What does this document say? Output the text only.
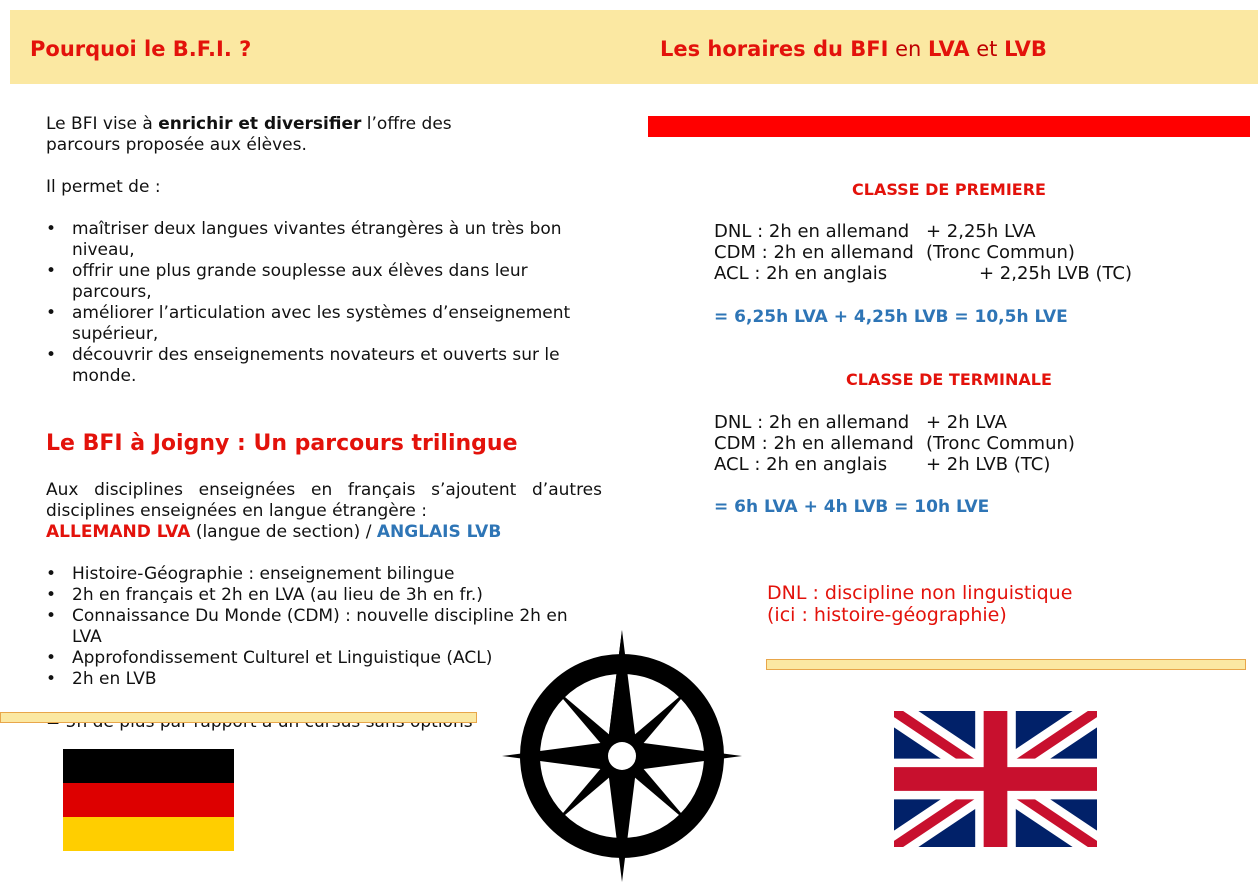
Pourquoi le B.F.I. ?	Les horaires du BFI en LVA et LVB

Le BFI vise à enrichir et diversifier l’offre des parcours proposée aux élèves.

Il permet de :
• maîtriser deux langues vivantes étrangères à un très bon niveau,
• offrir une plus grande souplesse aux élèves dans leur parcours,
• améliorer l’articulation avec les systèmes d’enseignement supérieur,
• découvrir des enseignements novateurs et ouverts sur le monde.
Le BFI à Joigny : Un parcours trilingue
Aux disciplines enseignées en français s’ajoutent d’autres disciplines enseignées en langue étrangère :
ALLEMAND LVA (langue de section) / ANGLAIS LVB
• Histoire-Géographie : enseignement bilingue
• 2h en français et 2h en LVA (au lieu de 3h en fr.)
• Connaissance Du Monde (CDM) : nouvelle discipline 2h en LVA
• Approfondissement Culturel et Linguistique (ACL)
• 2h en LVB
CLASSE DE PREMIERE
DNL : 2h en allemand + 2,25h LVA
CDM : 2h en allemand (Tronc Commun)
ACL : 2h en anglais	+ 2,25h LVB (TC)
= 6,25h LVA + 4,25h LVB = 10,5h LVE
CLASSE DE TERMINALE
DNL : 2h en allemand + 2h LVA
CDM : 2h en allemand (Tronc Commun)
ACL : 2h en anglais + 2h LVB (TC)
= 6h LVA + 4h LVB = 10h LVE

DNL : discipline non linguistique

(ici : histoire-géographie)
